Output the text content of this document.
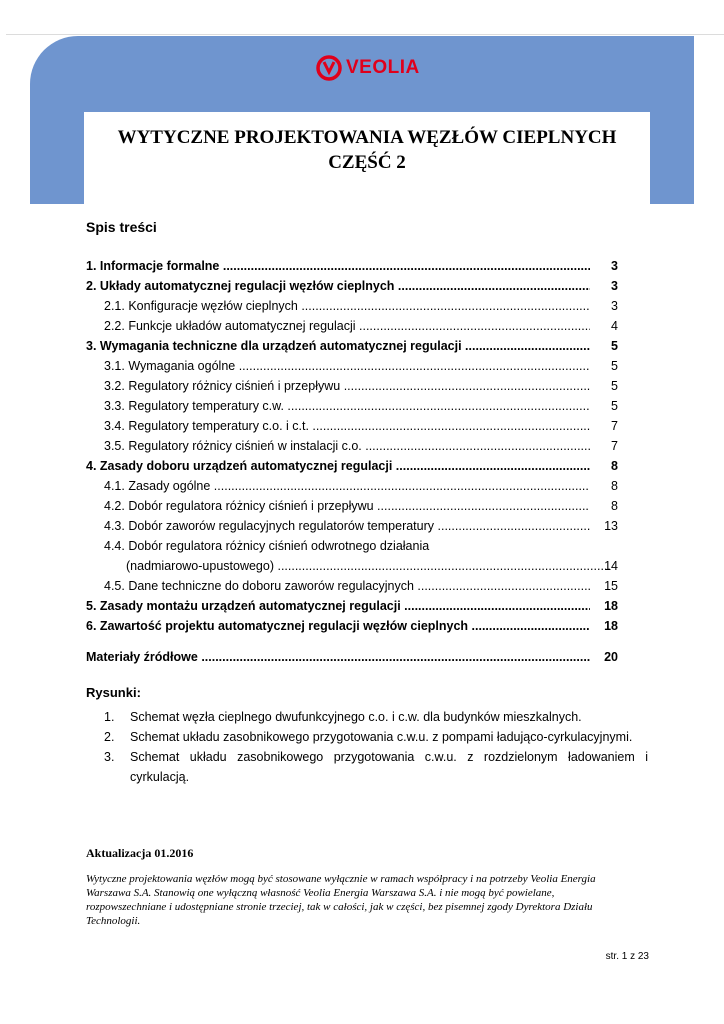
VEOLIA
WYTYCZNE PROJEKTOWANIA WĘZŁÓW CIEPLNYCH
CZĘŚĆ 2
Spis treści
1. Informacje formalne .....	3
2. Układy automatycznej regulacji węzłów cieplnych .....	3
2.1. Konfiguracje węzłów cieplnych .....	3
2.2. Funkcje układów automatycznej regulacji .....	4
3. Wymagania techniczne dla urządzeń automatycznej regulacji .....	5
3.1. Wymagania ogólne .....	5
3.2. Regulatory różnicy ciśnień i przepływu .....	5
3.3. Regulatory temperatury c.w. .....	5
3.4. Regulatory temperatury c.o. i c.t. .....	7
3.5. Regulatory różnicy ciśnień w instalacji c.o. .....	7
4. Zasady doboru urządzeń automatycznej regulacji .....	8
4.1. Zasady ogólne .....	8
4.2. Dobór regulatora różnicy ciśnień i przepływu .....	8
4.3. Dobór zaworów regulacyjnych regulatorów temperatury .....	13
4.4. Dobór regulatora różnicy ciśnień odwrotnego działania
(nadmiarowo-upustowego) .....	14
4.5. Dane techniczne do doboru zaworów regulacyjnych .....	15
5. Zasady montażu urządzeń automatycznej regulacji .....	18
6. Zawartość projektu automatycznej regulacji węzłów cieplnych .....	18
Materiały źródłowe .....	20
Rysunki:
1. Schemat węzła cieplnego dwufunkcyjnego c.o. i c.w. dla budynków mieszkalnych.
2. Schemat układu zasobnikowego przygotowania c.w.u. z pompami ładująco-cyrkulacyjnymi.
3. Schemat układu zasobnikowego przygotowania c.w.u. z rozdzielonym ładowaniem i cyrkulacją.
Aktualizacja 01.2016
Wytyczne projektowania węzłów mogą być stosowane wyłącznie w ramach współpracy i na potrzeby Veolia Energia Warszawa S.A. Stanowią one wyłączną własność Veolia Energia Warszawa S.A. i nie mogą być powielane, rozpowszechniane i udostępniane stronie trzeciej, tak w całości, jak w części, bez pisemnej zgody Dyrektora Działu Technologii.
str. 1 z 23
